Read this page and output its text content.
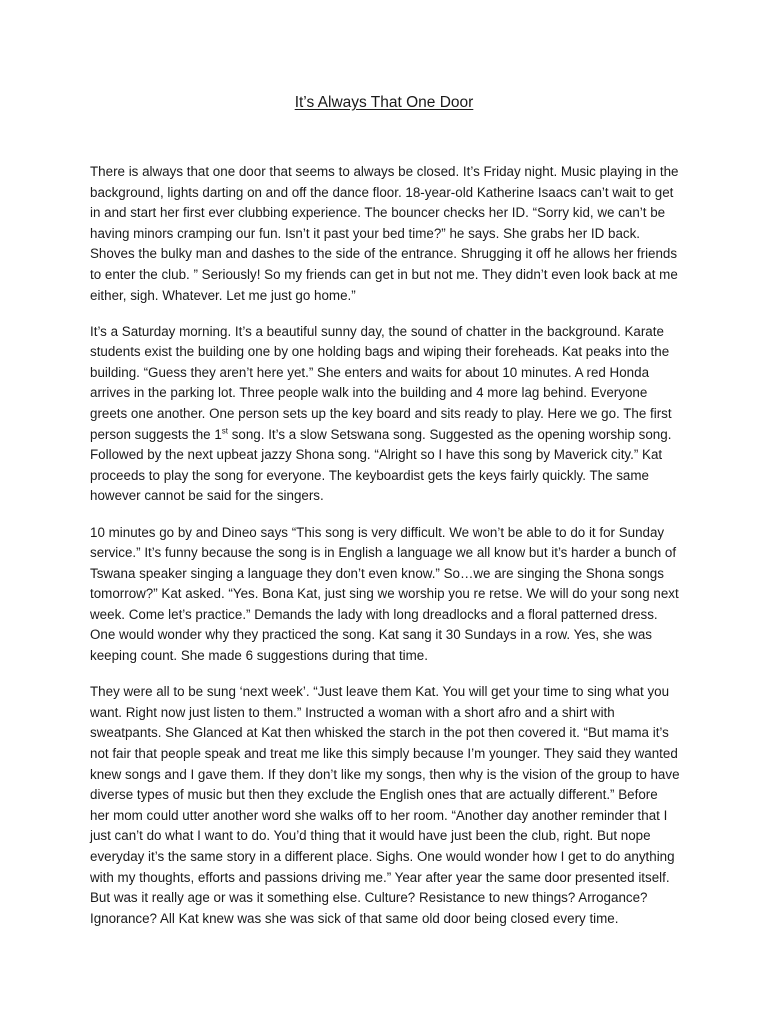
It’s Always That One Door

There is always that one door that seems to always be closed. It’s Friday night. Music playing in the background, lights darting on and off the dance floor. 18-year-old Katherine Isaacs can’t wait to get in and start her first ever clubbing experience. The bouncer checks her ID. “Sorry kid, we can’t be having minors cramping our fun. Isn’t it past your bed time?” he says. She grabs her ID back. Shoves the bulky man and dashes to the side of the entrance. Shrugging it off he allows her friends to enter the club. ” Seriously! So my friends can get in but not me. They didn’t even look back at me either, sigh. Whatever. Let me just go home.”

It’s a Saturday morning. It’s a beautiful sunny day, the sound of chatter in the background. Karate students exist the building one by one holding bags and wiping their foreheads. Kat peaks into the building. “Guess they aren’t here yet.” She enters and waits for about 10 minutes. A red Honda arrives in the parking lot. Three people walk into the building and 4 more lag behind. Everyone greets one another. One person sets up the key board and sits ready to play. Here we go. The first person suggests the 1st song. It’s a slow Setswana song. Suggested as the opening worship song. Followed by the next upbeat jazzy Shona song. “Alright so I have this song by Maverick city.” Kat proceeds to play the song for everyone. The keyboardist gets the keys fairly quickly. The same however cannot be said for the singers.

10 minutes go by and Dineo says “This song is very difficult. We won’t be able to do it for Sunday service.” It’s funny because the song is in English a language we all know but it’s harder a bunch of Tswana speaker singing a language they don’t even know.” So…we are singing the Shona songs tomorrow?” Kat asked. “Yes. Bona Kat, just sing we worship you re retse. We will do your song next week. Come let’s practice.” Demands the lady with long dreadlocks and a floral patterned dress. One would wonder why they practiced the song. Kat sang it 30 Sundays in a row. Yes, she was keeping count. She made 6 suggestions during that time.

They were all to be sung ‘next week’. “Just leave them Kat. You will get your time to sing what you want. Right now just listen to them.” Instructed a woman with a short afro and a shirt with sweatpants. She Glanced at Kat then whisked the starch in the pot then covered it. “But mama it’s not fair that people speak and treat me like this simply because I’m younger. They said they wanted knew songs and I gave them. If they don’t like my songs, then why is the vision of the group to have diverse types of music but then they exclude the English ones that are actually different.” Before her mom could utter another word she walks off to her room. “Another day another reminder that I just can’t do what I want to do. You’d thing that it would have just been the club, right. But nope everyday it’s the same story in a different place. Sighs. One would wonder how I get to do anything with my thoughts, efforts and passions driving me.” Year after year the same door presented itself. But was it really age or was it something else. Culture? Resistance to new things? Arrogance? Ignorance? All Kat knew was she was sick of that same old door being closed every time.
